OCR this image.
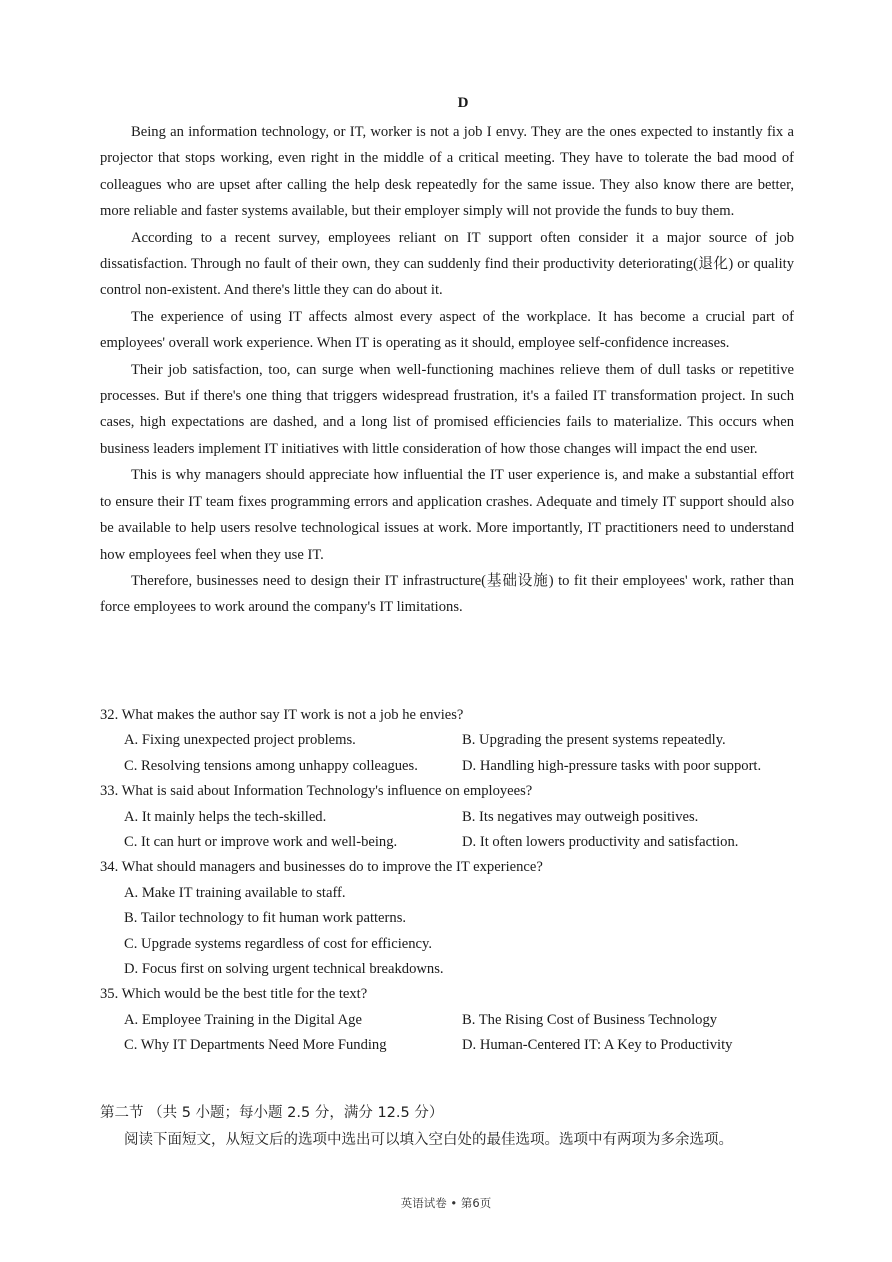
D

Being an information technology, or IT, worker is not a job I envy. They are the ones expected to instantly fix a projector that stops working, even right in the middle of a critical meeting. They have to tolerate the bad mood of colleagues who are upset after calling the help desk repeatedly for the same issue. They also know there are better, more reliable and faster systems available, but their employer simply will not provide the funds to buy them.

According to a recent survey, employees reliant on IT support often consider it a major source of job dissatisfaction. Through no fault of their own, they can suddenly find their productivity deteriorating(退化) or quality control non-existent. And there's little they can do about it.

The experience of using IT affects almost every aspect of the workplace. It has become a crucial part of employees' overall work experience. When IT is operating as it should, employee self-confidence increases.

Their job satisfaction, too, can surge when well-functioning machines relieve them of dull tasks or repetitive processes. But if there's one thing that triggers widespread frustration, it's a failed IT transformation project. In such cases, high expectations are dashed, and a long list of promised efficiencies fails to materialize. This occurs when business leaders implement IT initiatives with little consideration of how those changes will impact the end user.

This is why managers should appreciate how influential the IT user experience is, and make a substantial effort to ensure their IT team fixes programming errors and application crashes. Adequate and timely IT support should also be available to help users resolve technological issues at work. More importantly, IT practitioners need to understand how employees feel when they use IT.

Therefore, businesses need to design their IT infrastructure(基础设施) to fit their employees' work, rather than force employees to work around the company's IT limitations.

32. What makes the author say IT work is not a job he envies?
A. Fixing unexpected project problems.	B. Upgrading the present systems repeatedly.
C. Resolving tensions among unhappy colleagues.	D. Handling high-pressure tasks with poor support.
33. What is said about Information Technology's influence on employees?
A. It mainly helps the tech-skilled.	B. Its negatives may outweigh positives.
C. It can hurt or improve work and well-being.	D. It often lowers productivity and satisfaction.
34. What should managers and businesses do to improve the IT experience?
A. Make IT training available to staff.
B. Tailor technology to fit human work patterns.
C. Upgrade systems regardless of cost for efficiency.
D. Focus first on solving urgent technical breakdowns.
35. Which would be the best title for the text?
A. Employee Training in the Digital Age	B. The Rising Cost of Business Technology
C. Why IT Departments Need More Funding	D. Human-Centered IT: A Key to Productivity
第二节 （共 5 小题；每小题 2.5 分，满分 12.5 分）
阅读下面短文，从短文后的选项中选出可以填入空白处的最佳选项。选项中有两项为多余选项。
英语试卷 • 第6页
